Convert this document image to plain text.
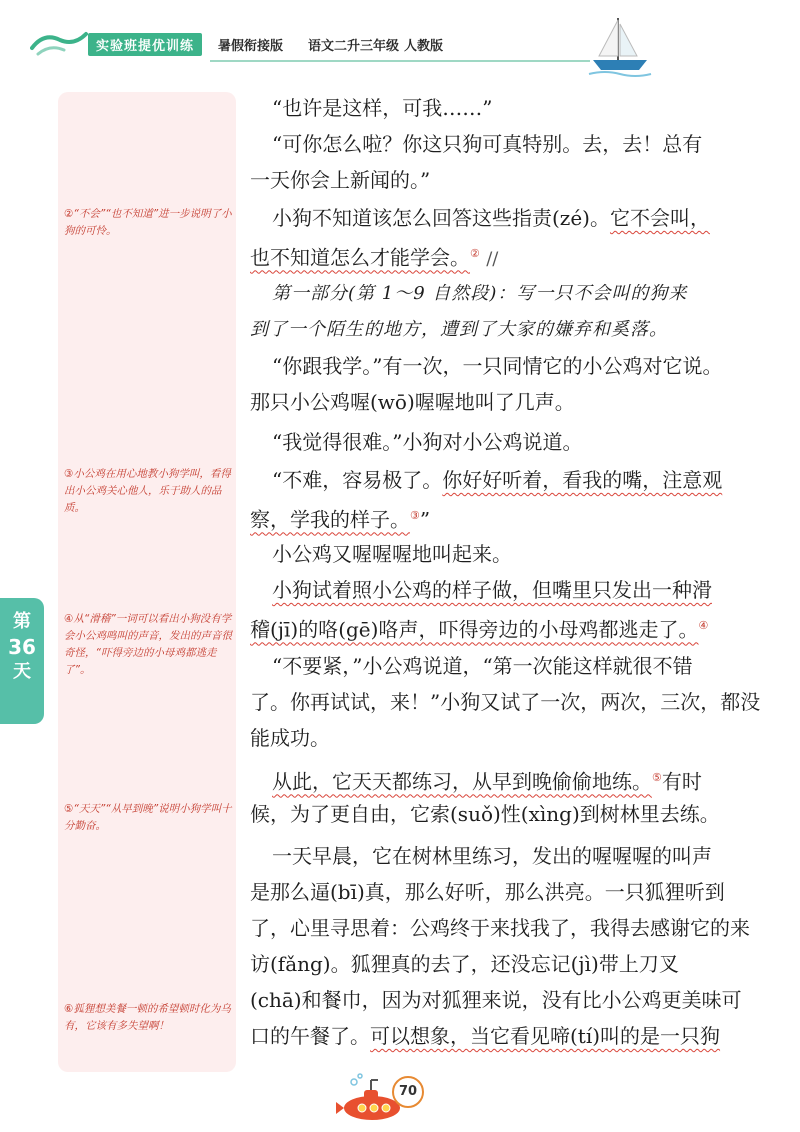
实验班提优训练	暑假衔接版 语文二升三年级 人教版
②“不会”“也不知道”进一步说明了小狗的可怜。
③小公鸡在用心地教小狗学叫，看得出小公鸡关心他人，乐于助人的品质。
④从“滑稽”一词可以看出小狗没有学会小公鸡鸣叫的声音，发出的声音很奇怪，“吓得旁边的小母鸡都逃走了”。
⑤“天天”“从早到晚”说明小狗学叫十分勤奋。
⑥狐狸想美餐一顿的希望顿时化为乌有，它该有多失望啊！
第
36
天
“也许是这样，可我……”
“可你怎么啦？你这只狗可真特别。去，去！总有
一天你会上新闻的。”
小狗不知道该怎么回答这些指责(zé)。它不会叫，
也不知道怎么才能学会。② //
第一部分(第 1～9 自然段)：写一只不会叫的狗来
到了一个陌生的地方，遭到了大家的嫌弃和奚落。
“你跟我学。”有一次，一只同情它的小公鸡对它说。
那只小公鸡喔(wō)喔喔地叫了几声。
“我觉得很难。”小狗对小公鸡说道。
“不难，容易极了。你好好听着，看我的嘴，注意观
察，学我的样子。③”
小公鸡又喔喔喔地叫起来。
小狗试着照小公鸡的样子做，但嘴里只发出一种滑
稽(jī)的咯(gē)咯声，吓得旁边的小母鸡都逃走了。④
“不要紧，”小公鸡说道，“第一次能这样就很不错
了。你再试试，来！”小狗又试了一次，两次，三次，都没
能成功。
从此，它天天都练习，从早到晚偷偷地练。⑤有时
候，为了更自由，它索(suǒ)性(xìng)到树林里去练。
一天早晨，它在树林里练习，发出的喔喔喔的叫声
是那么逼(bī)真，那么好听，那么洪亮。一只狐狸听到
了，心里寻思着：公鸡终于来找我了，我得去感谢它的来
访(fǎng)。狐狸真的去了，还没忘记(jì)带上刀叉
(chā)和餐巾，因为对狐狸来说，没有比小公鸡更美味可
口的午餐了。可以想象，当它看见啼(tí)叫的是一只狗
70
